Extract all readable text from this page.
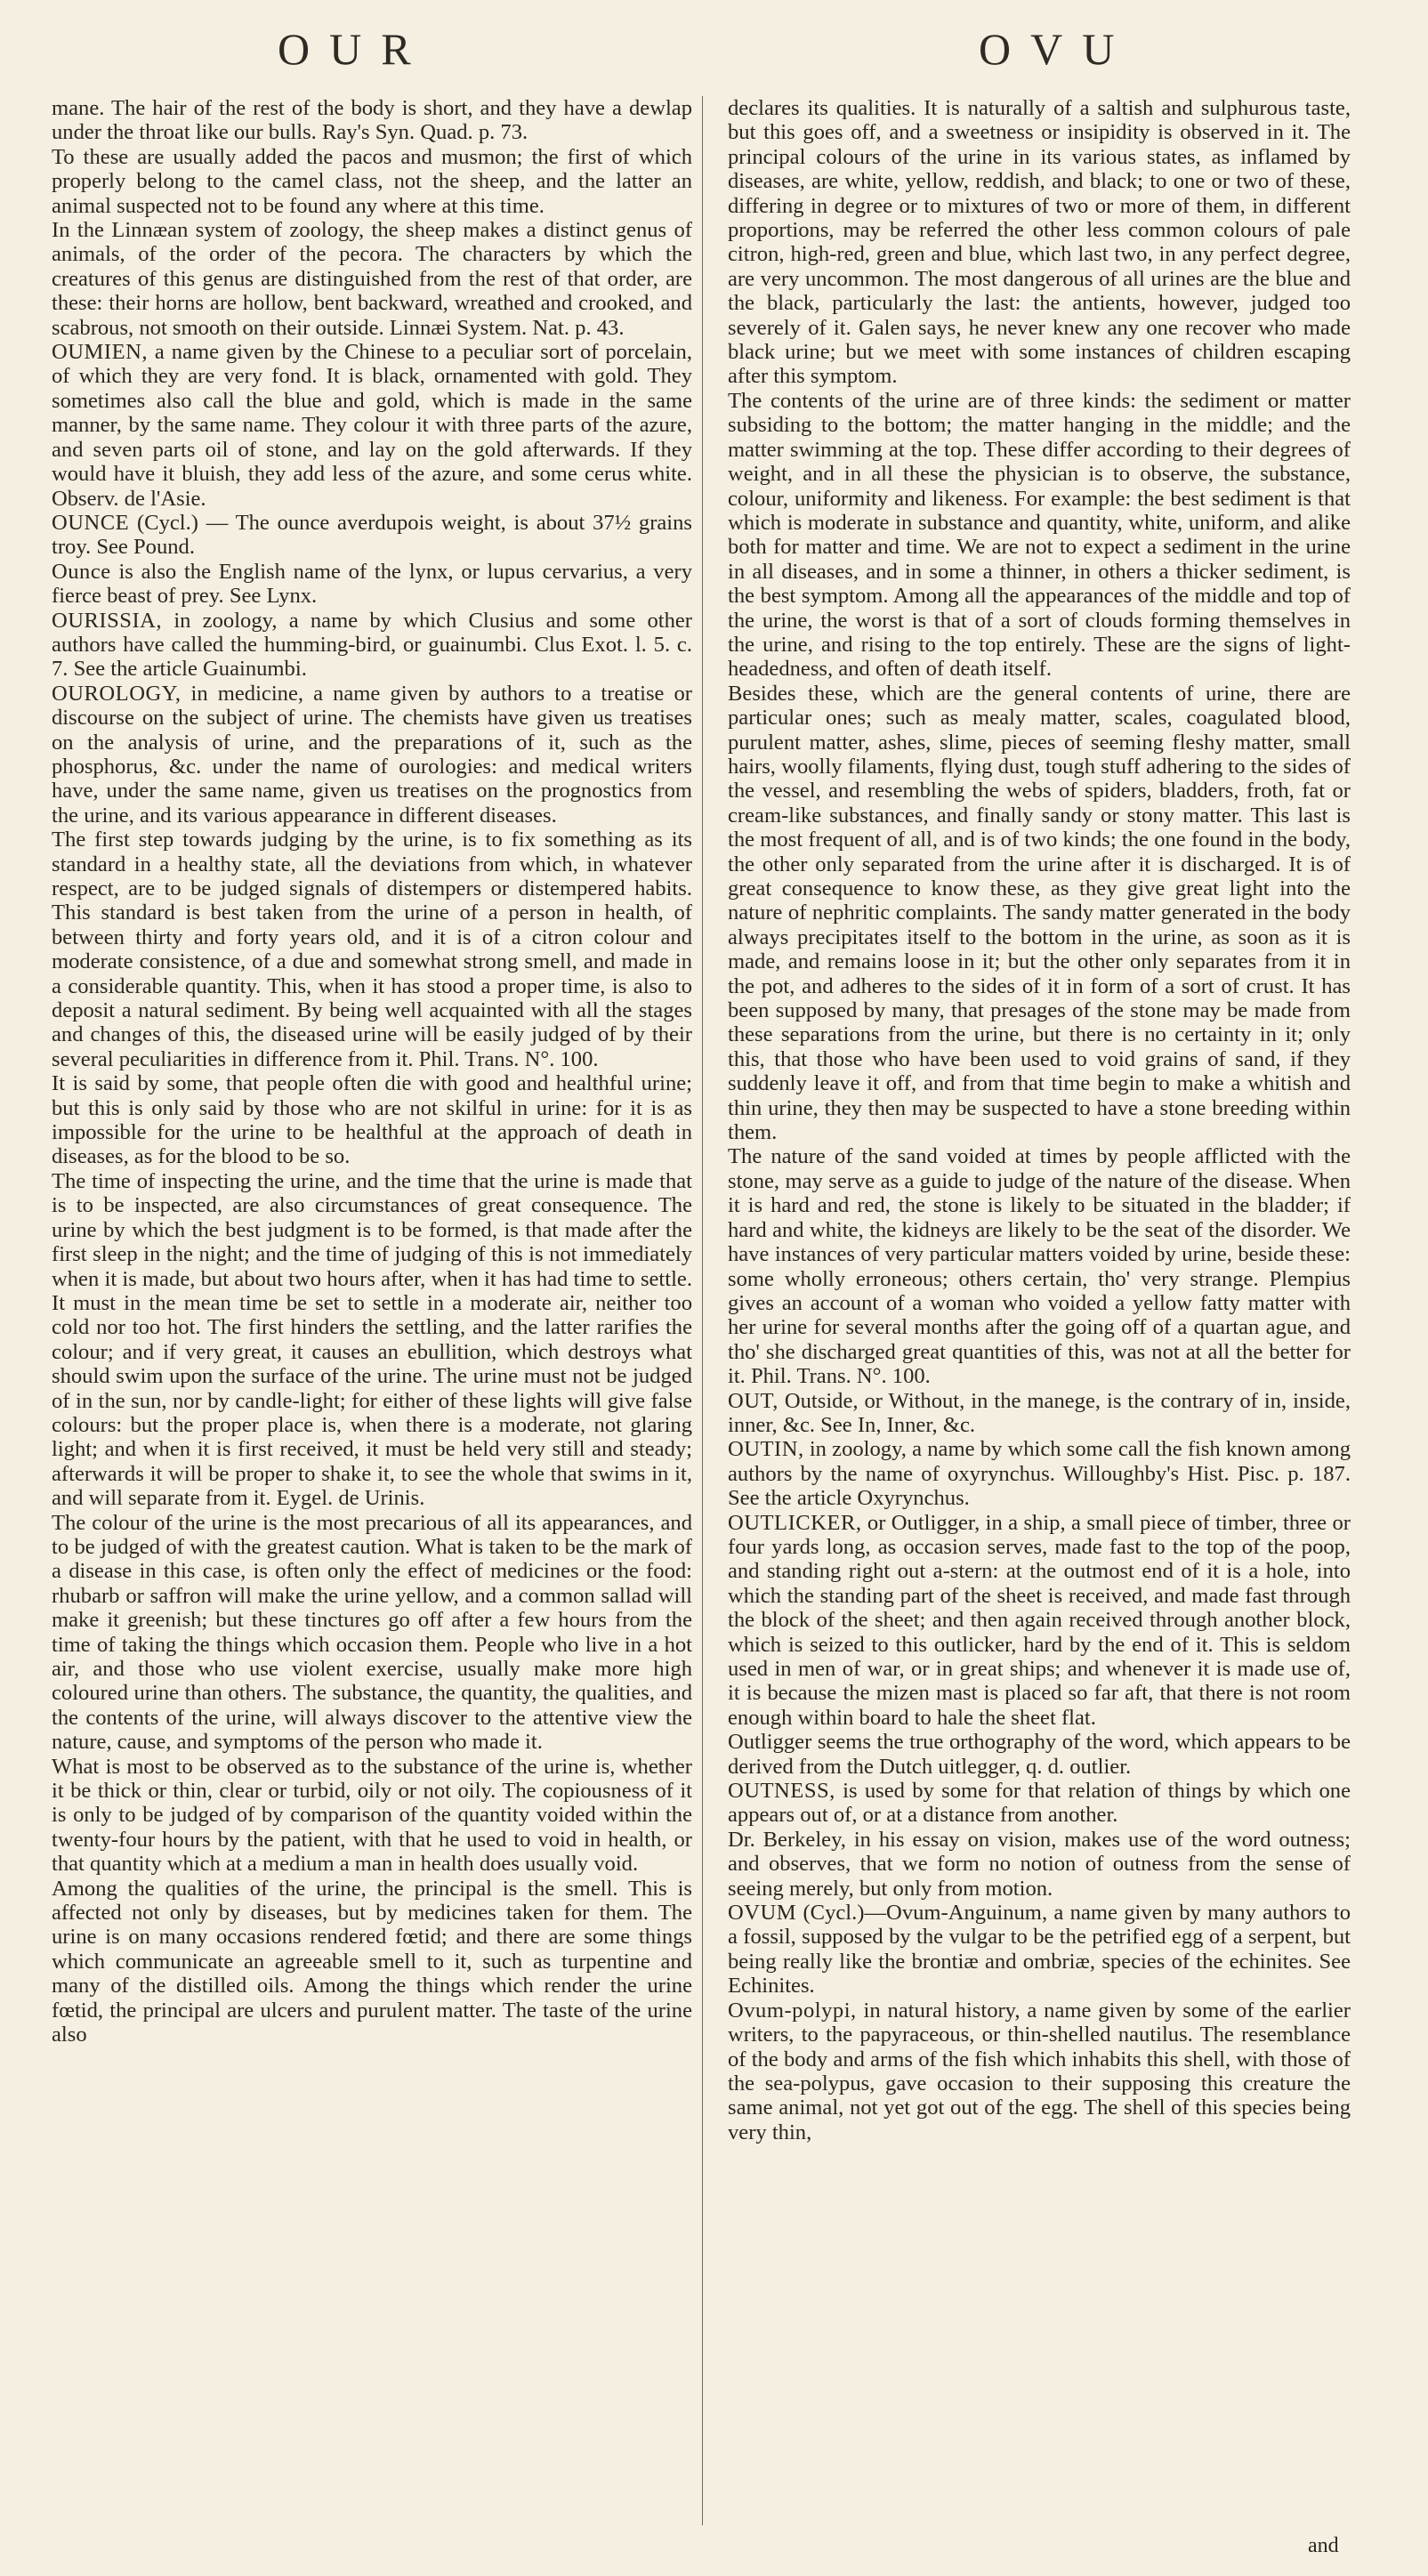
OUR	OVU

mane. The hair of the rest of the body is short, and they have a dewlap under the throat like our bulls. Ray's Syn. Quad. p. 73.

To these are usually added the pacos and musmon; the first of which properly belong to the camel class, not the sheep, and the latter an animal suspected not to be found any where at this time.

In the Linnæan system of zoology, the sheep makes a distinct genus of animals, of the order of the pecora. The characters by which the creatures of this genus are distinguished from the rest of that order, are these: their horns are hollow, bent backward, wreathed and crooked, and scabrous, not smooth on their outside. Linnæi System. Nat. p. 43.

OUMIEN, a name given by the Chinese to a peculiar sort of porcelain, of which they are very fond. It is black, ornamented with gold. They sometimes also call the blue and gold, which is made in the same manner, by the same name. They colour it with three parts of the azure, and seven parts oil of stone, and lay on the gold afterwards. If they would have it bluish, they add less of the azure, and some cerus white. Observ. de l'Asie.

OUNCE (Cycl.) — The ounce averdupois weight, is about 37½ grains troy. See Pound.

Ounce is also the English name of the lynx, or lupus cervarius, a very fierce beast of prey. See Lynx.

OURISSIA, in zoology, a name by which Clusius and some other authors have called the humming-bird, or guainumbi. Clus Exot. l. 5. c. 7. See the article Guainumbi.

OUROLOGY, in medicine, a name given by authors to a treatise or discourse on the subject of urine. The chemists have given us treatises on the analysis of urine, and the preparations of it, such as the phosphorus, &c. under the name of ourologies: and medical writers have, under the same name, given us treatises on the prognostics from the urine, and its various appearance in different diseases.

The first step towards judging by the urine, is to fix something as its standard in a healthy state, all the deviations from which, in whatever respect, are to be judged signals of distempers or distempered habits. This standard is best taken from the urine of a person in health, of between thirty and forty years old, and it is of a citron colour and moderate consistence, of a due and somewhat strong smell, and made in a considerable quantity. This, when it has stood a proper time, is also to deposit a natural sediment. By being well acquainted with all the stages and changes of this, the diseased urine will be easily judged of by their several peculiarities in difference from it. Phil. Trans. N°. 100.

It is said by some, that people often die with good and healthful urine; but this is only said by those who are not skilful in urine: for it is as impossible for the urine to be healthful at the approach of death in diseases, as for the blood to be so.

The time of inspecting the urine, and the time that the urine is made that is to be inspected, are also circumstances of great consequence. The urine by which the best judgment is to be formed, is that made after the first sleep in the night; and the time of judging of this is not immediately when it is made, but about two hours after, when it has had time to settle. It must in the mean time be set to settle in a moderate air, neither too cold nor too hot. The first hinders the settling, and the latter rarifies the colour; and if very great, it causes an ebullition, which destroys what should swim upon the surface of the urine. The urine must not be judged of in the sun, nor by candle-light; for either of these lights will give false colours: but the proper place is, when there is a moderate, not glaring light; and when it is first received, it must be held very still and steady; afterwards it will be proper to shake it, to see the whole that swims in it, and will separate from it. Eygel. de Urinis.

The colour of the urine is the most precarious of all its appearances, and to be judged of with the greatest caution. What is taken to be the mark of a disease in this case, is often only the effect of medicines or the food: rhubarb or saffron will make the urine yellow, and a common sallad will make it greenish; but these tinctures go off after a few hours from the time of taking the things which occasion them. People who live in a hot air, and those who use violent exercise, usually make more high coloured urine than others. The substance, the quantity, the qualities, and the contents of the urine, will always discover to the attentive view the nature, cause, and symptoms of the person who made it.

What is most to be observed as to the substance of the urine is, whether it be thick or thin, clear or turbid, oily or not oily. The copiousness of it is only to be judged of by comparison of the quantity voided within the twenty-four hours by the patient, with that he used to void in health, or that quantity which at a medium a man in health does usually void.

Among the qualities of the urine, the principal is the smell. This is affected not only by diseases, but by medicines taken for them. The urine is on many occasions rendered fœtid; and there are some things which communicate an agreeable smell to it, such as turpentine and many of the distilled oils. Among the things which render the urine fœtid, the principal are ulcers and purulent matter. The taste of the urine also

declares its qualities. It is naturally of a saltish and sulphurous taste, but this goes off, and a sweetness or insipidity is observed in it. The principal colours of the urine in its various states, as inflamed by diseases, are white, yellow, reddish, and black; to one or two of these, differing in degree or to mixtures of two or more of them, in different proportions, may be referred the other less common colours of pale citron, high-red, green and blue, which last two, in any perfect degree, are very uncommon. The most dangerous of all urines are the blue and the black, particularly the last: the antients, however, judged too severely of it. Galen says, he never knew any one recover who made black urine; but we meet with some instances of children escaping after this symptom.

The contents of the urine are of three kinds: the sediment or matter subsiding to the bottom; the matter hanging in the middle; and the matter swimming at the top. These differ according to their degrees of weight, and in all these the physician is to observe, the substance, colour, uniformity and likeness. For example: the best sediment is that which is moderate in substance and quantity, white, uniform, and alike both for matter and time. We are not to expect a sediment in the urine in all diseases, and in some a thinner, in others a thicker sediment, is the best symptom. Among all the appearances of the middle and top of the urine, the worst is that of a sort of clouds forming themselves in the urine, and rising to the top entirely. These are the signs of light-headedness, and often of death itself.

Besides these, which are the general contents of urine, there are particular ones; such as mealy matter, scales, coagulated blood, purulent matter, ashes, slime, pieces of seeming fleshy matter, small hairs, woolly filaments, flying dust, tough stuff adhering to the sides of the vessel, and resembling the webs of spiders, bladders, froth, fat or cream-like substances, and finally sandy or stony matter. This last is the most frequent of all, and is of two kinds; the one found in the body, the other only separated from the urine after it is discharged. It is of great consequence to know these, as they give great light into the nature of nephritic complaints. The sandy matter generated in the body always precipitates itself to the bottom in the urine, as soon as it is made, and remains loose in it; but the other only separates from it in the pot, and adheres to the sides of it in form of a sort of crust. It has been supposed by many, that presages of the stone may be made from these separations from the urine, but there is no certainty in it; only this, that those who have been used to void grains of sand, if they suddenly leave it off, and from that time begin to make a whitish and thin urine, they then may be suspected to have a stone breeding within them.

The nature of the sand voided at times by people afflicted with the stone, may serve as a guide to judge of the nature of the disease. When it is hard and red, the stone is likely to be situated in the bladder; if hard and white, the kidneys are likely to be the seat of the disorder. We have instances of very particular matters voided by urine, beside these: some wholly erroneous; others certain, tho' very strange. Plempius gives an account of a woman who voided a yellow fatty matter with her urine for several months after the going off of a quartan ague, and tho' she discharged great quantities of this, was not at all the better for it. Phil. Trans. N°. 100.

OUT, Outside, or Without, in the manege, is the contrary of in, inside, inner, &c. See In, Inner, &c.

OUTIN, in zoology, a name by which some call the fish known among authors by the name of oxyrynchus. Willoughby's Hist. Pisc. p. 187. See the article Oxyrynchus.

OUTLICKER, or Outligger, in a ship, a small piece of timber, three or four yards long, as occasion serves, made fast to the top of the poop, and standing right out a-stern: at the outmost end of it is a hole, into which the standing part of the sheet is received, and made fast through the block of the sheet; and then again received through another block, which is seized to this outlicker, hard by the end of it. This is seldom used in men of war, or in great ships; and whenever it is made use of, it is because the mizen mast is placed so far aft, that there is not room enough within board to hale the sheet flat.

Outligger seems the true orthography of the word, which appears to be derived from the Dutch uitlegger, q. d. outlier.

OUTNESS, is used by some for that relation of things by which one appears out of, or at a distance from another.

Dr. Berkeley, in his essay on vision, makes use of the word outness; and observes, that we form no notion of outness from the sense of seeing merely, but only from motion.

OVUM (Cycl.)—Ovum-Anguinum, a name given by many authors to a fossil, supposed by the vulgar to be the petrified egg of a serpent, but being really like the brontiæ and ombriæ, species of the echinites. See Echinites.

Ovum-polypi, in natural history, a name given by some of the earlier writers, to the papyraceous, or thin-shelled nautilus. The resemblance of the body and arms of the fish which inhabits this shell, with those of the sea-polypus, gave occasion to their supposing this creature the same animal, not yet got out of the egg. The shell of this species being very thin,

and
